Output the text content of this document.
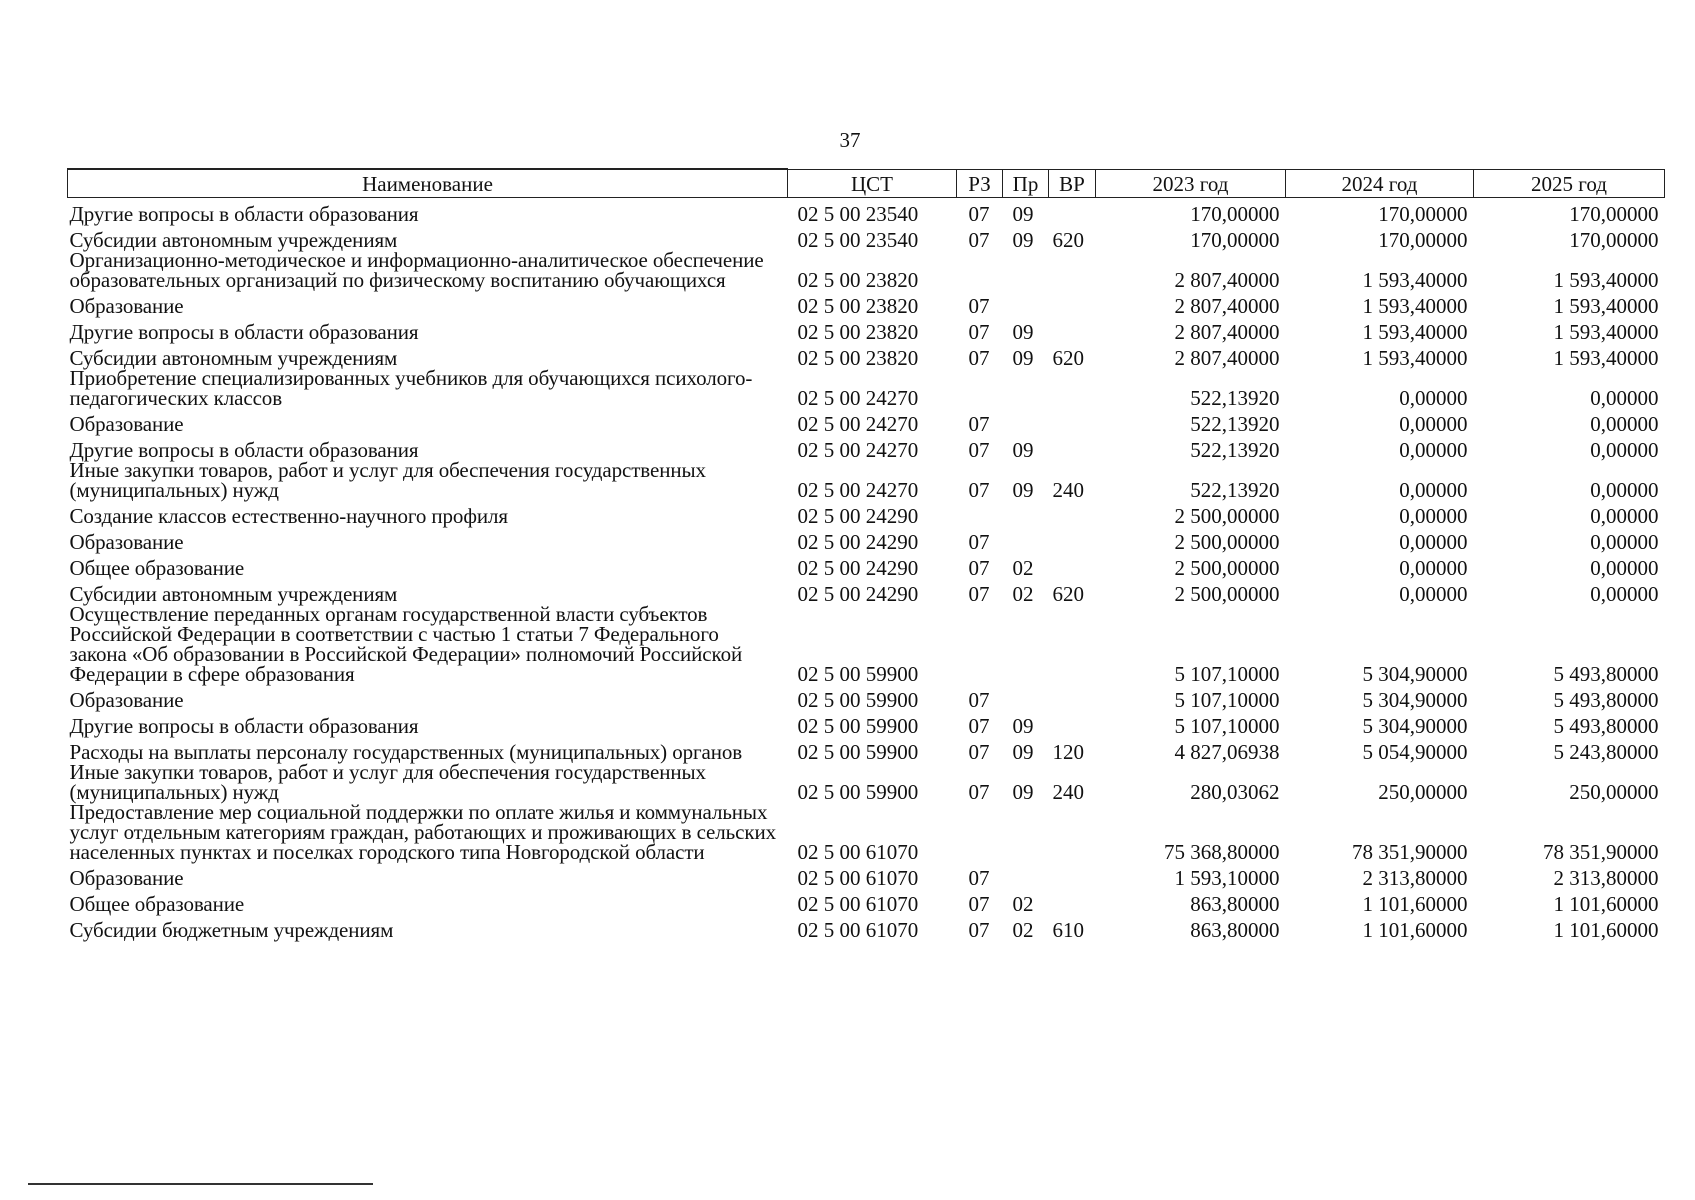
37
Наименование	ЦСТ	РЗ	Пр	ВР	2023 год	2024 год	2025 год
Другие вопросы в области образования	02 5 00 23540	07	09		170,00000	170,00000	170,00000
Субсидии автономным учреждениям	02 5 00 23540	07	09	620	170,00000	170,00000	170,00000
Организационно-методическое и информационно-аналитическое обеспечение образовательных организаций по физическому воспитанию обучающихся	02 5 00 23820				2 807,40000	1 593,40000	1 593,40000
Образование	02 5 00 23820	07			2 807,40000	1 593,40000	1 593,40000
Другие вопросы в области образования	02 5 00 23820	07	09		2 807,40000	1 593,40000	1 593,40000
Субсидии автономным учреждениям	02 5 00 23820	07	09	620	2 807,40000	1 593,40000	1 593,40000
Приобретение специализированных учебников для обучающихся психолого-педагогических классов	02 5 00 24270				522,13920	0,00000	0,00000
Образование	02 5 00 24270	07			522,13920	0,00000	0,00000
Другие вопросы в области образования	02 5 00 24270	07	09		522,13920	0,00000	0,00000
Иные закупки товаров, работ и услуг для обеспечения государственных (муниципальных) нужд	02 5 00 24270	07	09	240	522,13920	0,00000	0,00000
Создание классов естественно-научного профиля	02 5 00 24290				2 500,00000	0,00000	0,00000
Образование	02 5 00 24290	07			2 500,00000	0,00000	0,00000
Общее образование	02 5 00 24290	07	02		2 500,00000	0,00000	0,00000
Субсидии автономным учреждениям	02 5 00 24290	07	02	620	2 500,00000	0,00000	0,00000
Осуществление переданных органам государственной власти субъектов Российской Федерации в соответствии с частью 1 статьи 7 Федерального закона «Об образовании в Российской Федерации» полномочий Российской Федерации в сфере образования	02 5 00 59900				5 107,10000	5 304,90000	5 493,80000
Образование	02 5 00 59900	07			5 107,10000	5 304,90000	5 493,80000
Другие вопросы в области образования	02 5 00 59900	07	09		5 107,10000	5 304,90000	5 493,80000
Расходы на выплаты персоналу государственных (муниципальных) органов	02 5 00 59900	07	09	120	4 827,06938	5 054,90000	5 243,80000
Иные закупки товаров, работ и услуг для обеспечения государственных (муниципальных) нужд	02 5 00 59900	07	09	240	280,03062	250,00000	250,00000
Предоставление мер социальной поддержки по оплате жилья и коммунальных услуг отдельным категориям граждан, работающих и проживающих в сельских населенных пунктах и поселках городского типа Новгородской области	02 5 00 61070				75 368,80000	78 351,90000	78 351,90000
Образование	02 5 00 61070	07			1 593,10000	2 313,80000	2 313,80000
Общее образование	02 5 00 61070	07	02		863,80000	1 101,60000	1 101,60000
Субсидии бюджетным учреждениям	02 5 00 61070	07	02	610	863,80000	1 101,60000	1 101,60000
